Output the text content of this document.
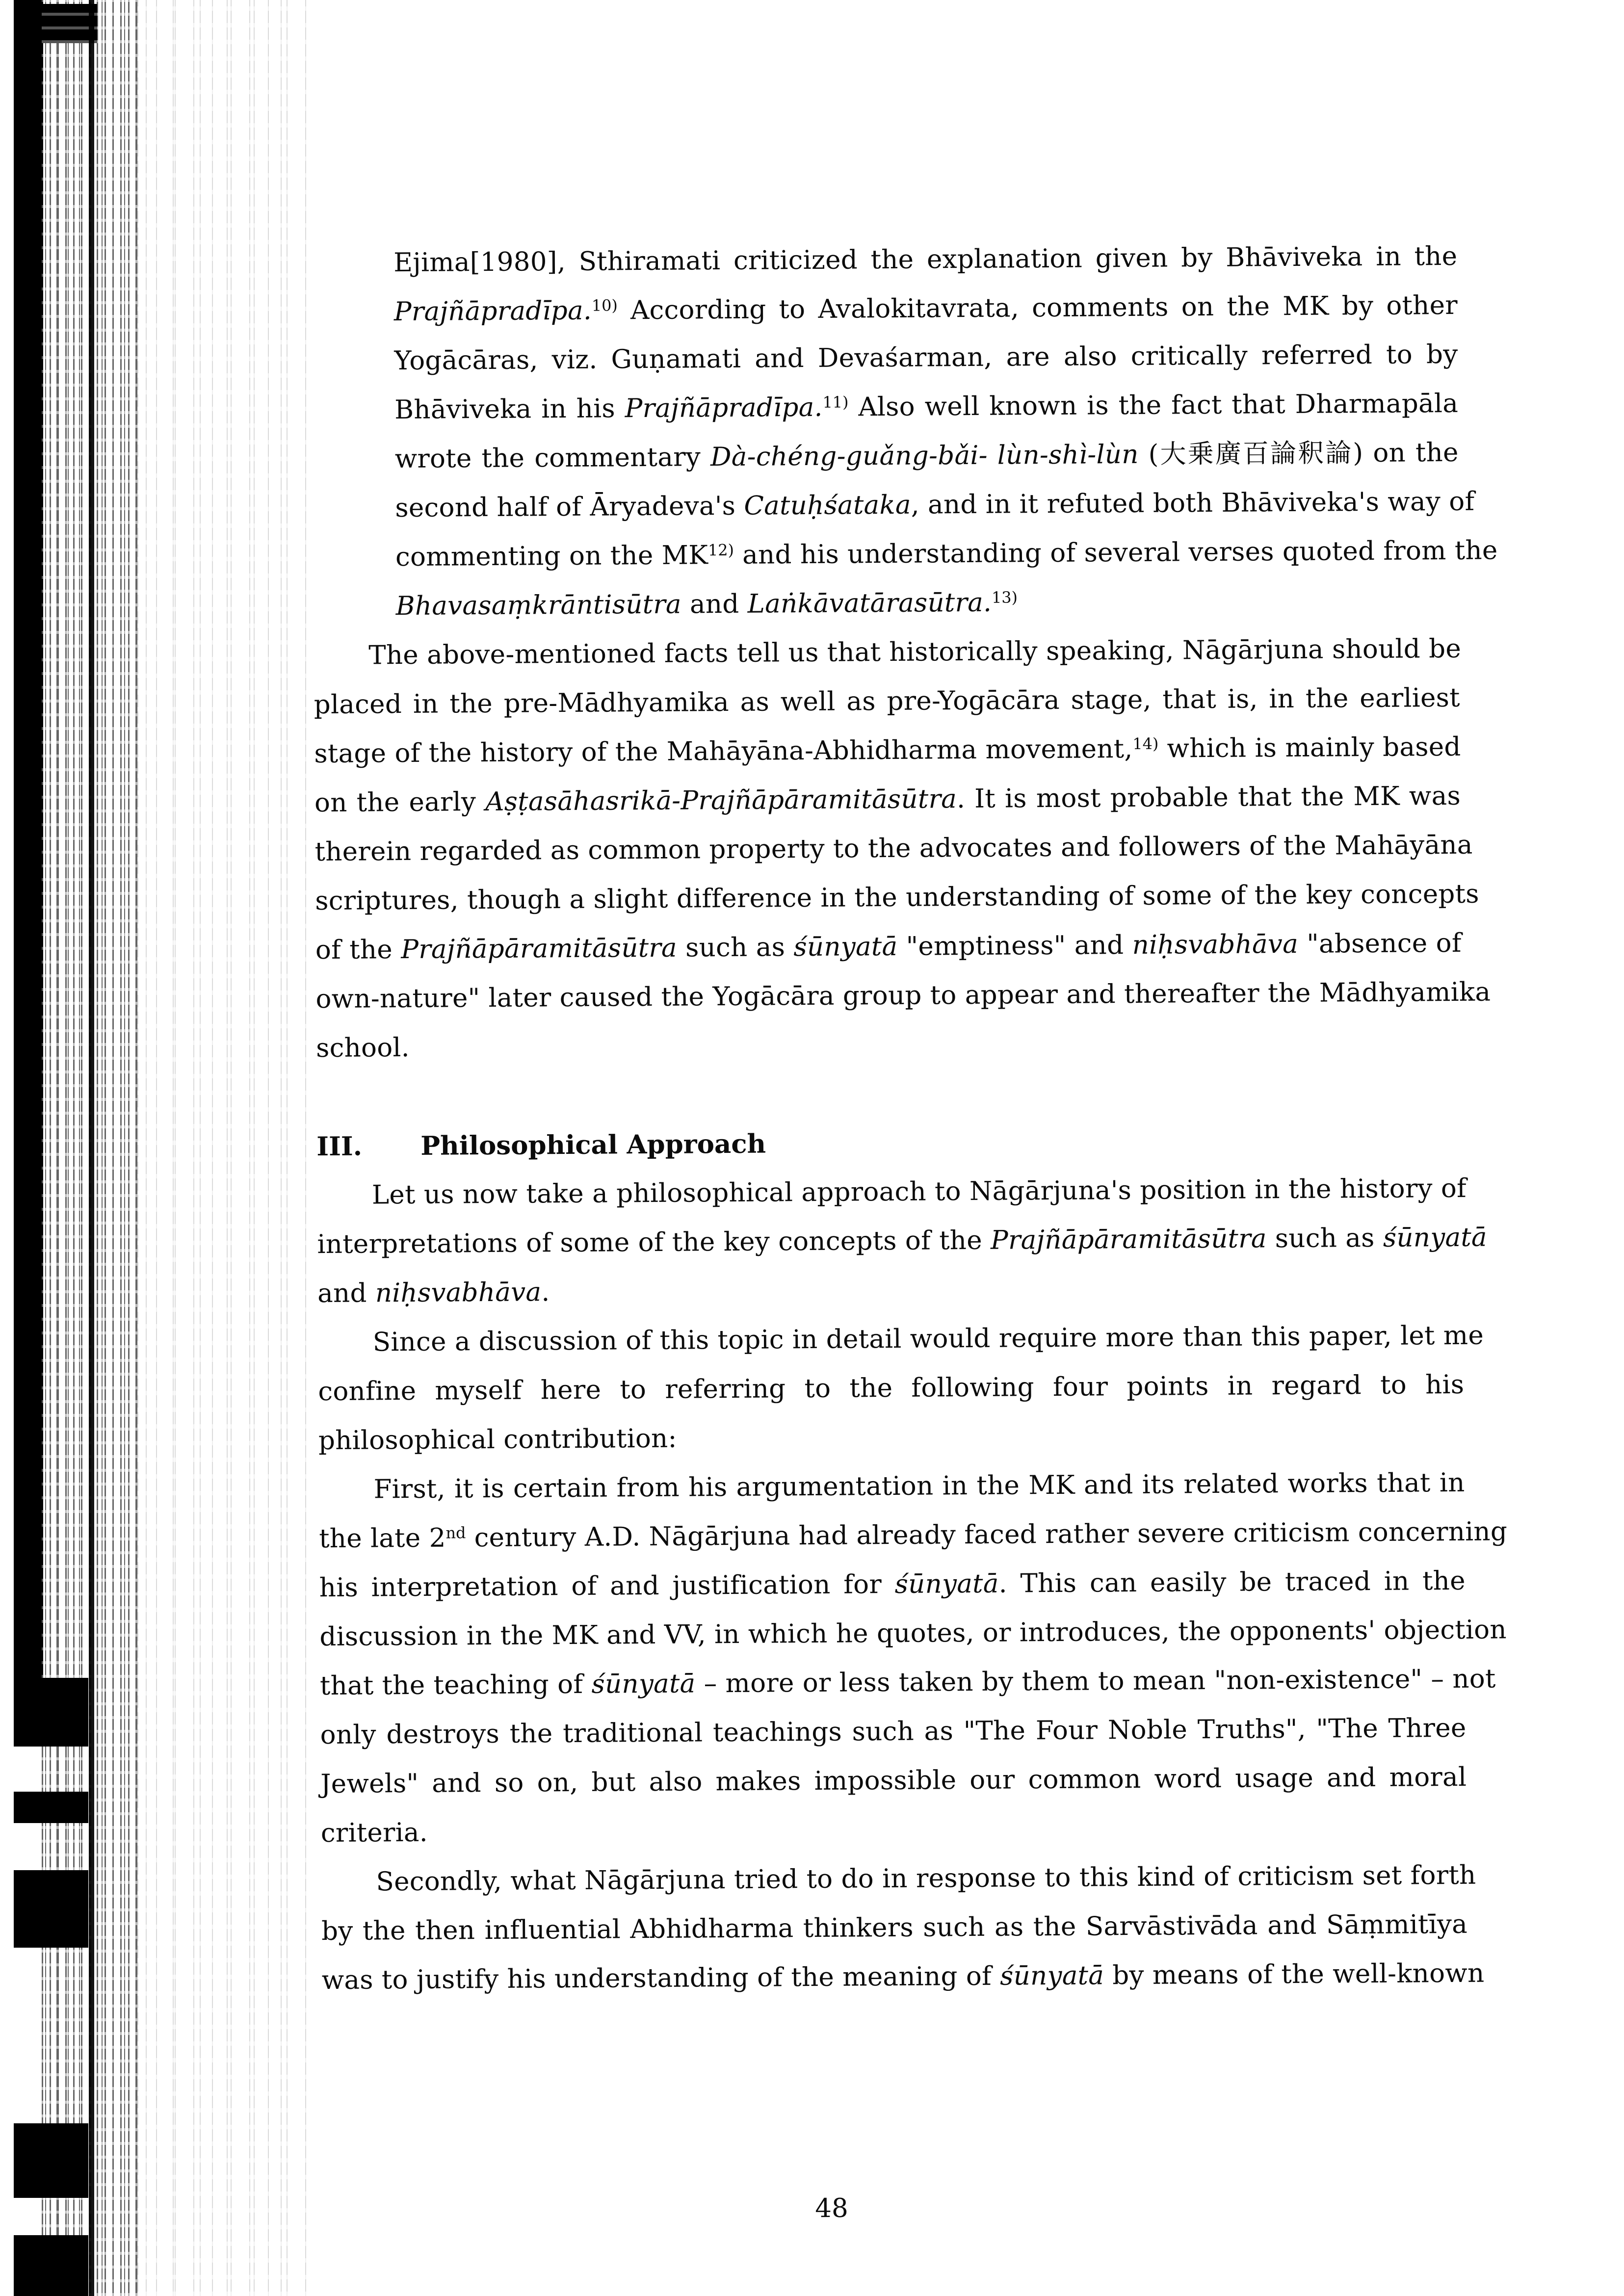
Ejima[1980], Sthiramati criticized the explanation given by Bhāviveka in the
Prajñāpradīpa.$^{10)}$ According to Avalokitavrata, comments on the MK by other
Yogācāras, viz. Guṇamati and Devaśarman, are also critically referred to by
Bhāviveka in his Prajñāpradīpa.$^{11)}$ Also well known is the fact that Dharmapāla
wrote the commentary Dà-chéng-guǎng-bǎi- lùn-shì-lùn (大乗廣百論釈論) on the
second half of Āryadeva's Catuḥśataka, and in it refuted both Bhāviveka's way of
commenting on the MK$^{12)}$ and his understanding of several verses quoted from the
Bhavasaṃkrāntisūtra and Laṅkāvatārasūtra.$^{13)}$
The above-mentioned facts tell us that historically speaking, Nāgārjuna should be
placed in the pre-Mādhyamika as well as pre-Yogācāra stage, that is, in the earliest
stage of the history of the Mahāyāna-Abhidharma movement,$^{14)}$ which is mainly based
on the early Aṣṭasāhasrikā-Prajñāpāramitāsūtra. It is most probable that the MK was
therein regarded as common property to the advocates and followers of the Mahāyāna
scriptures, though a slight difference in the understanding of some of the key concepts
of the Prajñāpāramitāsūtra such as śūnyatā "emptiness" and niḥsvabhāva "absence of
own-nature" later caused the Yogācāra group to appear and thereafter the Mādhyamika
school.
III. Philosophical Approach
Let us now take a philosophical approach to Nāgārjuna's position in the history of
interpretations of some of the key concepts of the Prajñāpāramitāsūtra such as śūnyatā
and niḥsvabhāva.
Since a discussion of this topic in detail would require more than this paper, let me
confine myself here to referring to the following four points in regard to his
philosophical contribution:
First, it is certain from his argumentation in the MK and its related works that in
the late 2nd century A.D. Nāgārjuna had already faced rather severe criticism concerning
his interpretation of and justification for śūnyatā. This can easily be traced in the
discussion in the MK and VV, in which he quotes, or introduces, the opponents' objection
that the teaching of śūnyatā – more or less taken by them to mean "non-existence" – not
only destroys the traditional teachings such as "The Four Noble Truths", "The Three
Jewels" and so on, but also makes impossible our common word usage and moral
criteria.
Secondly, what Nāgārjuna tried to do in response to this kind of criticism set forth
by the then influential Abhidharma thinkers such as the Sarvāstivāda and Sāṃmitīya
was to justify his understanding of the meaning of śūnyatā by means of the well-known
48
